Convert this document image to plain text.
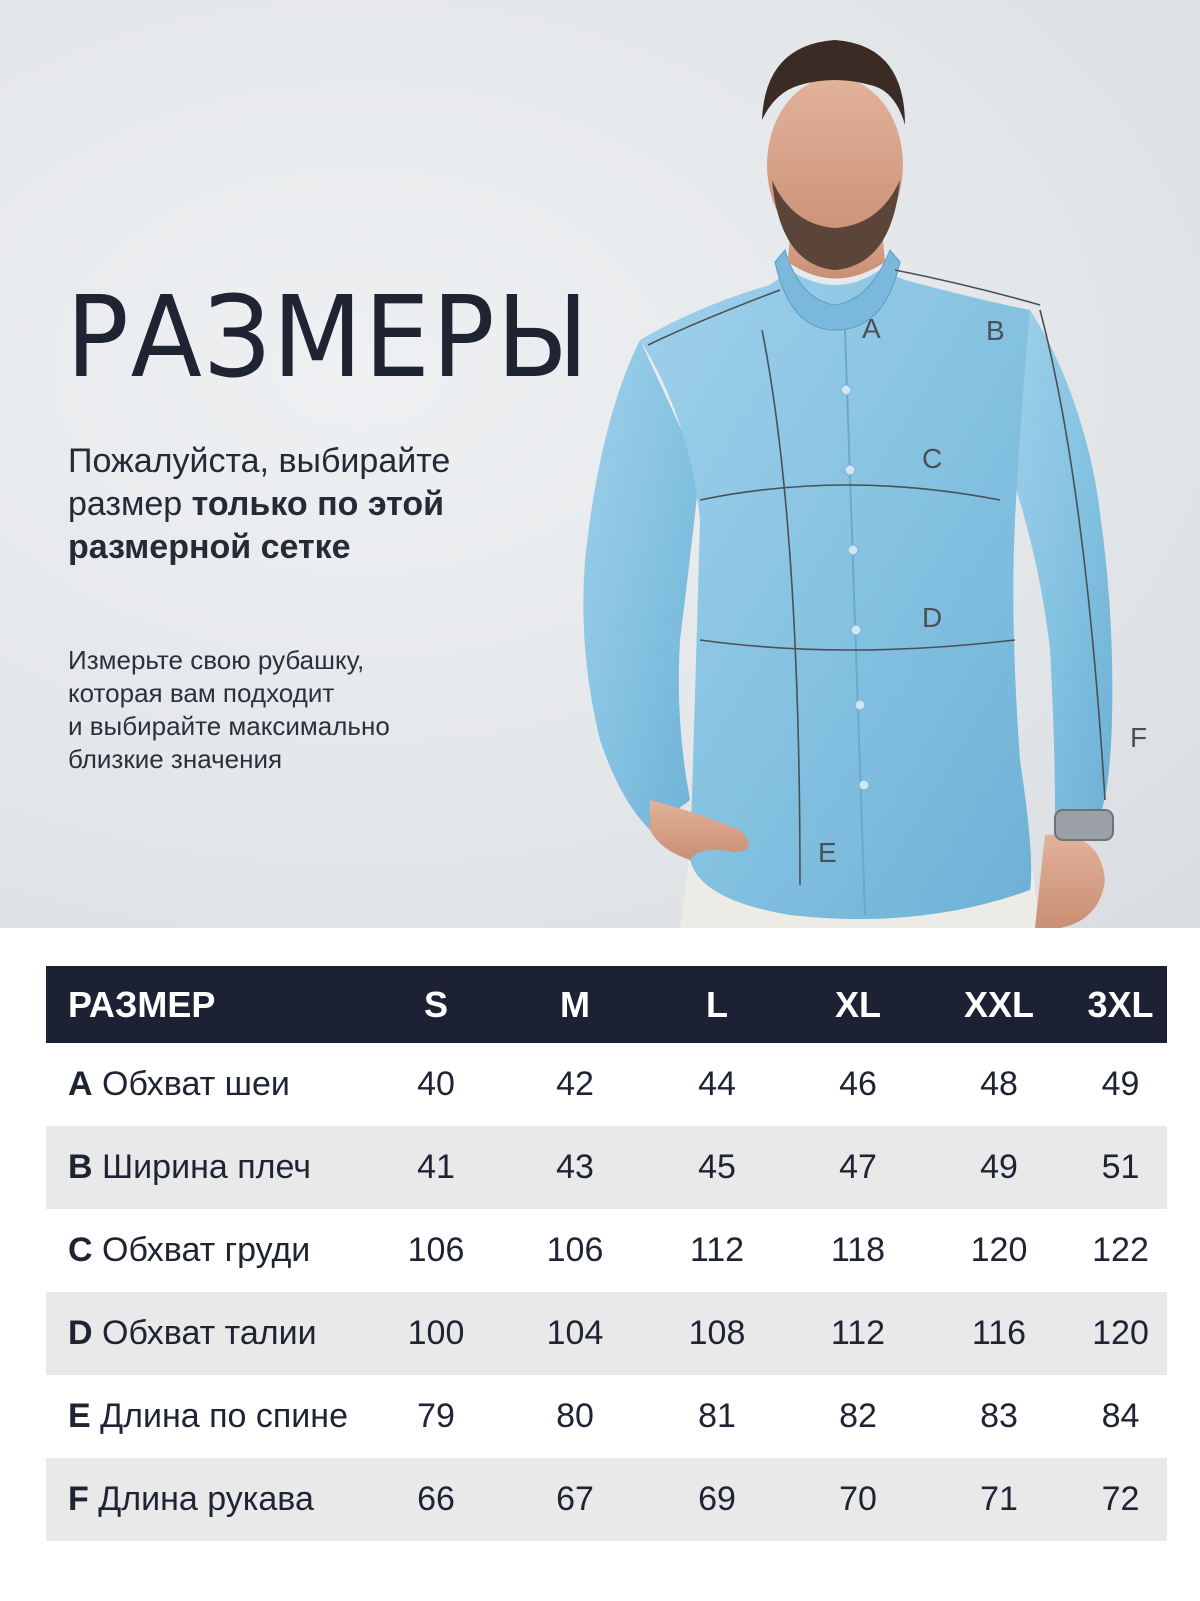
РАЗМЕРЫ
Пожалуйста, выбирайте
размер только по этой
размерной сетке
Измерьте свою рубашку,
которая вам подходит
и выбирайте максимально
близкие значения
A	B
C
D
E
F
РАЗМЕР	S	M	L	XL	XXL	3XL
A Обхват шеи	40	42	44	46	48	49
B Ширина плеч	41	43	45	47	49	51
C Обхват груди	106	106	112	118	120	122
D Обхват талии	100	104	108	112	116	120
E Длина по спине	79	80	81	82	83	84
F Длина рукава	66	67	69	70	71	72
